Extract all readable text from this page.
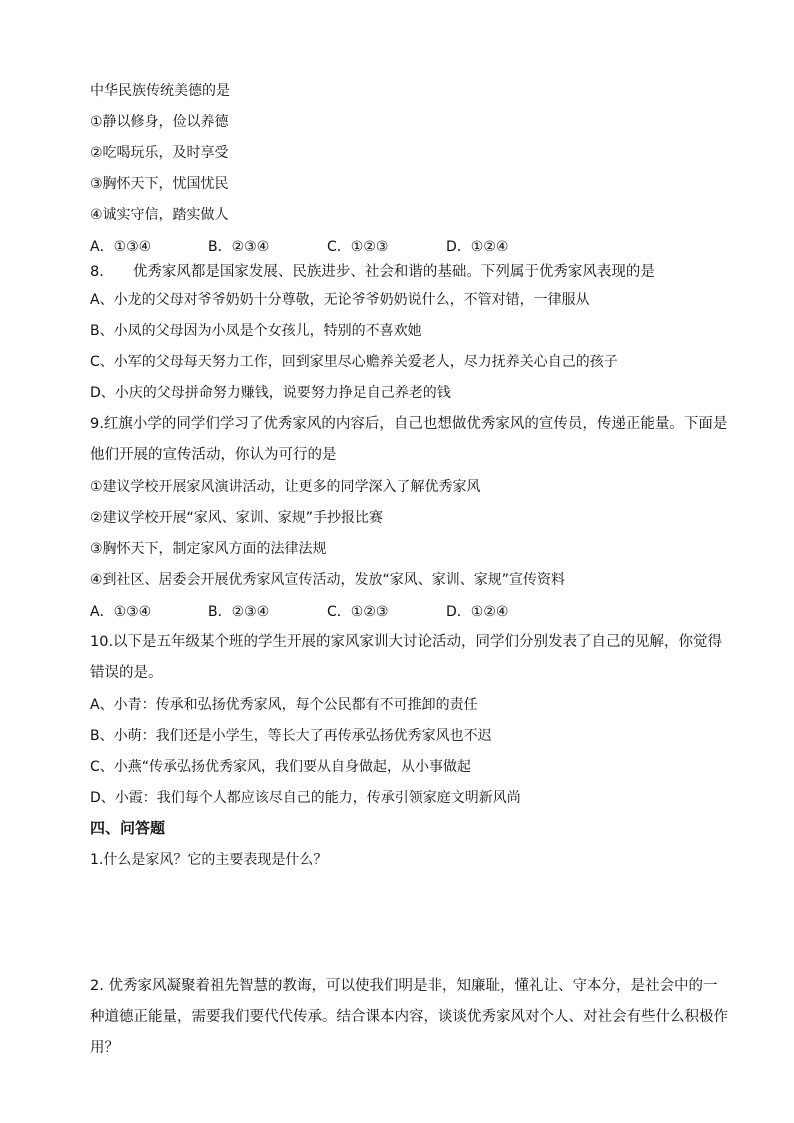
中华民族传统美德的是
①静以修身，俭以养德
②吃喝玩乐，及时享受
③胸怀天下，忧国忧民
④诚实守信，踏实做人
A．①③④	B．②③④	C．①②③	D．①②④
8.　　优秀家风都是国家发展、民族进步、社会和谐的基础。下列属于优秀家风表现的是
A、小龙的父母对爷爷奶奶十分尊敬，无论爷爷奶奶说什么，不管对错，一律服从
B、小凤的父母因为小凤是个女孩儿，特别的不喜欢她
C、小军的父母每天努力工作，回到家里尽心赡养关爱老人，尽力抚养关心自己的孩子
D、小庆的父母拼命努力赚钱，说要努力挣足自己养老的钱
9.红旗小学的同学们学习了优秀家风的内容后，自己也想做优秀家风的宣传员，传递正能量。下面是
他们开展的宣传活动，你认为可行的是
①建议学校开展家风演讲活动，让更多的同学深入了解优秀家风
②建议学校开展“家风、家训、家规”手抄报比赛
③胸怀天下，制定家风方面的法律法规
④到社区、居委会开展优秀家风宣传活动，发放“家风、家训、家规”宣传资料
A．①③④	B．②③④	C．①②③	D．①②④
10.以下是五年级某个班的学生开展的家风家训大讨论活动，同学们分别发表了自己的见解，你觉得
错误的是。
A、小青：传承和弘扬优秀家风，每个公民都有不可推卸的责任
B、小萌：我们还是小学生，等长大了再传承弘扬优秀家风也不迟
C、小燕“传承弘扬优秀家风，我们要从自身做起，从小事做起
D、小霞：我们每个人都应该尽自己的能力，传承引领家庭文明新风尚
四、问答题
1.什么是家风？它的主要表现是什么？
2. 优秀家风凝聚着祖先智慧的教诲，可以使我们明是非，知廉耻，懂礼让、守本分，是社会中的一
种道德正能量，需要我们要代代传承。结合课本内容，谈谈优秀家风对个人、对社会有些什么积极作
用？
